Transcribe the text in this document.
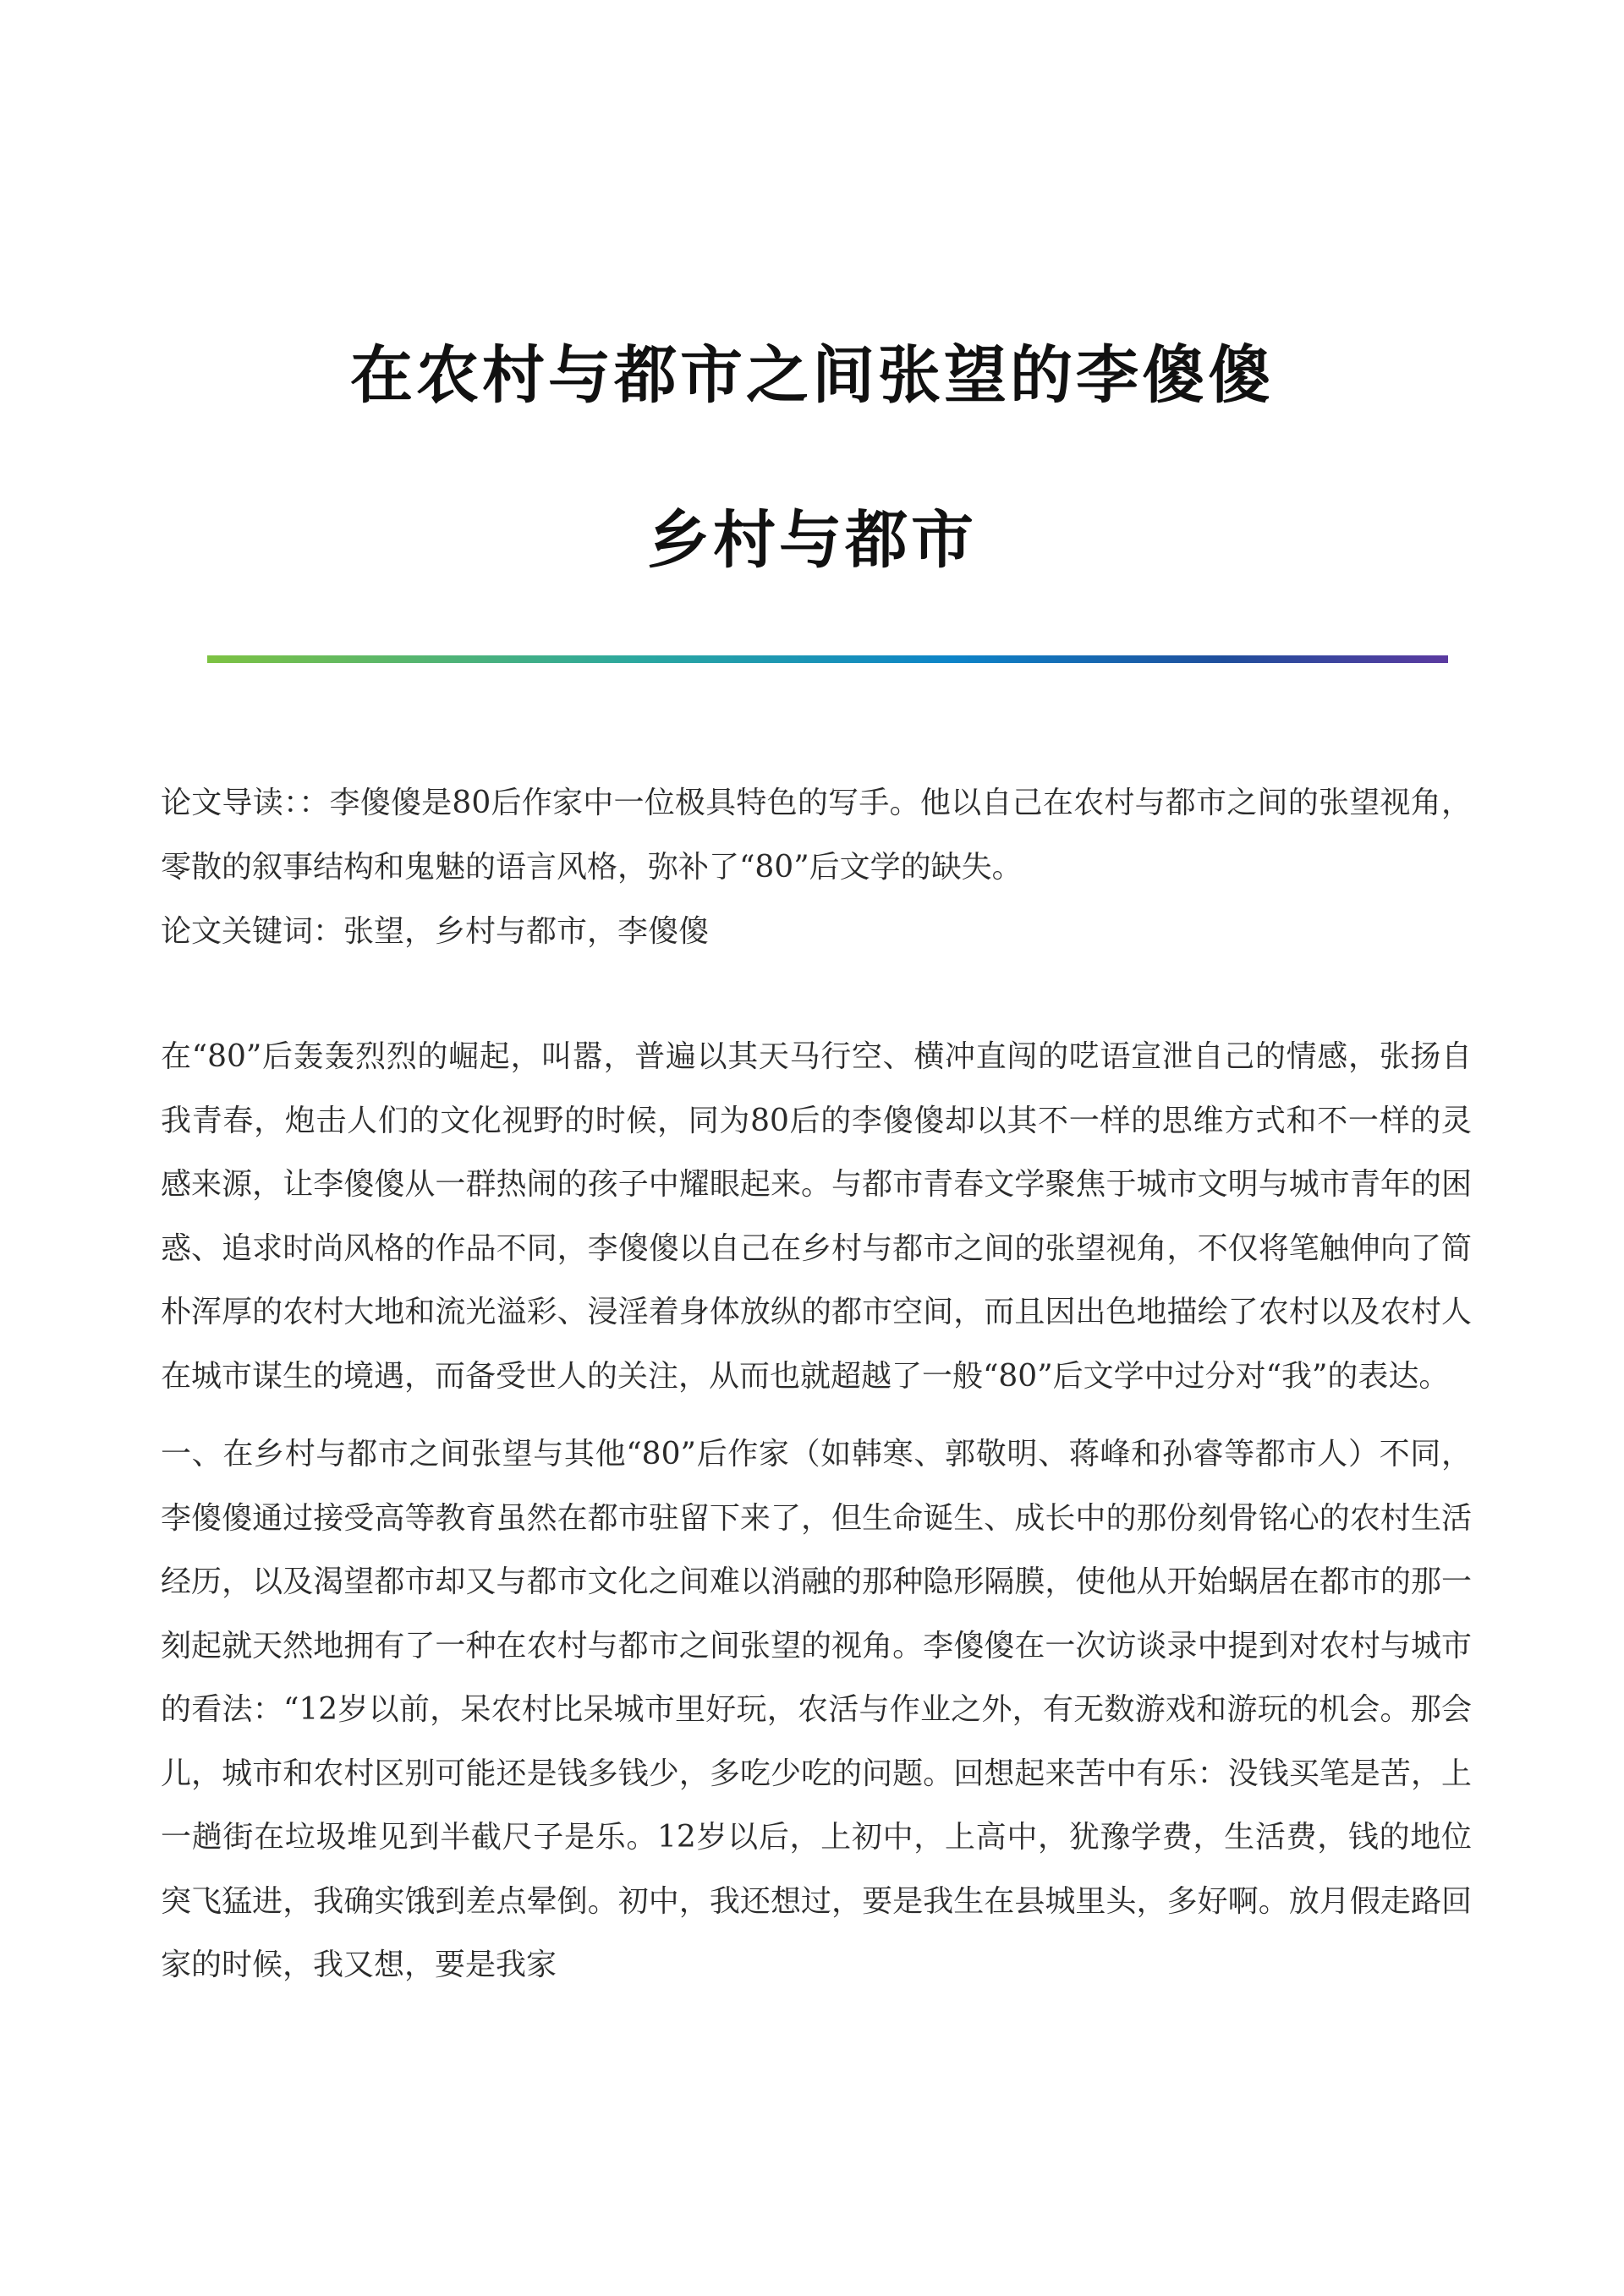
在农村与都市之间张望的李傻傻
乡村与都市

论文导读：：李傻傻是80后作家中一位极具特色的写手。他以自己在农村与都市之间的张望视角，零散的叙事结构和鬼魅的语言风格，弥补了“80”后文学的缺失。

论文关键词：张望，乡村与都市，李傻傻

在“80”后轰轰烈烈的崛起，叫嚣，普遍以其天马行空、横冲直闯的呓语宣泄自己的情感，张扬自我青春，炮击人们的文化视野的时候，同为80后的李傻傻却以其不一样的思维方式和不一样的灵感来源，让李傻傻从一群热闹的孩子中耀眼起来。与都市青春文学聚焦于城市文明与城市青年的困惑、追求时尚风格的作品不同，李傻傻以自己在乡村与都市之间的张望视角，不仅将笔触伸向了简朴浑厚的农村大地和流光溢彩、浸淫着身体放纵的都市空间，而且因出色地描绘了农村以及农村人在城市谋生的境遇，而备受世人的关注，从而也就超越了一般“80”后文学中过分对“我”的表达。

一、在乡村与都市之间张望与其他“80”后作家（如韩寒、郭敬明、蒋峰和孙睿等都市人）不同，李傻傻通过接受高等教育虽然在都市驻留下来了，但生命诞生、成长中的那份刻骨铭心的农村生活经历，以及渴望都市却又与都市文化之间难以消融的那种隐形隔膜，使他从开始蜗居在都市的那一刻起就天然地拥有了一种在农村与都市之间张望的视角。李傻傻在一次访谈录中提到对农村与城市的看法：“12岁以前，呆农村比呆城市里好玩，农活与作业之外，有无数游戏和游玩的机会。那会儿，城市和农村区别可能还是钱多钱少，多吃少吃的问题。回想起来苦中有乐：没钱买笔是苦，上一趟街在垃圾堆见到半截尺子是乐。12岁以后，上初中，上高中，犹豫学费，生活费，钱的地位突飞猛进，我确实饿到差点晕倒。初中，我还想过，要是我生在县城里头，多好啊。放月假走路回家的时候，我又想，要是我家
